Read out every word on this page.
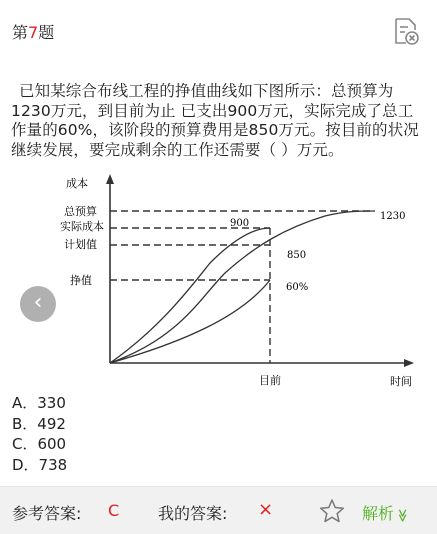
第7题
已知某综合布线工程的挣值曲线如下图所示：总预算为1230万元，到目前为止 已支出900万元，实际完成了总工作量的60%，该阶段的预算费用是850万元。按目前的状况继续发展，要完成剩余的工作还需要（ ）万元。
成本
时间
目前
总预算
实际成本
计划值
挣值
900
850
60%
1230
‹
A．330
B．492
C．600
D．738
参考答案: C 我的答案: ×	解析≫
